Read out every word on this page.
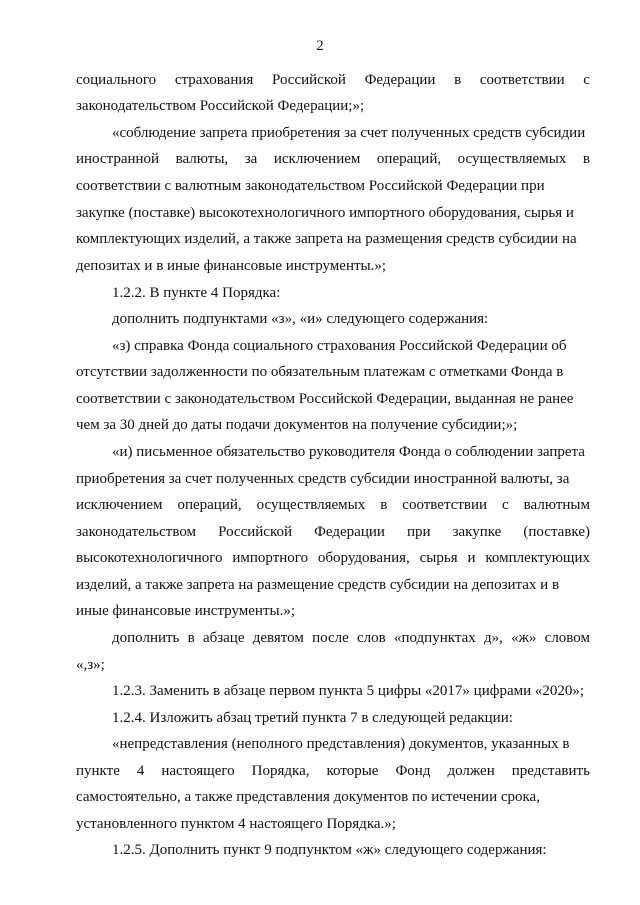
2
социального страхования Российской Федерации в соответствии с
законодательством Российской Федерации;»;
«соблюдение запрета приобретения за счет полученных средств субсидии
иностранной валюты, за исключением операций, осуществляемых в
соответствии с валютным законодательством Российской Федерации при
закупке (поставке) высокотехнологичного импортного оборудования, сырья и
комплектующих изделий, а также запрета на размещения средств субсидии на
депозитах и в иные финансовые инструменты.»;
1.2.2. В пункте 4 Порядка:
дополнить подпунктами «з», «и» следующего содержания:
«з) справка Фонда социального страхования Российской Федерации об
отсутствии задолженности по обязательным платежам с отметками Фонда в
соответствии с законодательством Российской Федерации, выданная не ранее
чем за 30 дней до даты подачи документов на получение субсидии;»;
«и) письменное обязательство руководителя Фонда о соблюдении запрета
приобретения за счет полученных средств субсидии иностранной валюты, за
исключением операций, осуществляемых в соответствии с валютным
законодательством Российской Федерации при закупке (поставке)
высокотехнологичного импортного оборудования, сырья и комплектующих
изделий, а также запрета на размещение средств субсидии на депозитах и в
иные финансовые инструменты.»;
дополнить в абзаце девятом после слов «подпунктах д», «ж» словом
«,з»;
1.2.3. Заменить в абзаце первом пункта 5 цифры «2017» цифрами «2020»;
1.2.4. Изложить абзац третий пункта 7 в следующей редакции:
«непредставления (неполного представления) документов, указанных в
пункте 4 настоящего Порядка, которые Фонд должен представить
самостоятельно, а также представления документов по истечении срока,
установленного пунктом 4 настоящего Порядка.»;
1.2.5. Дополнить пункт 9 подпунктом «ж» следующего содержания:
